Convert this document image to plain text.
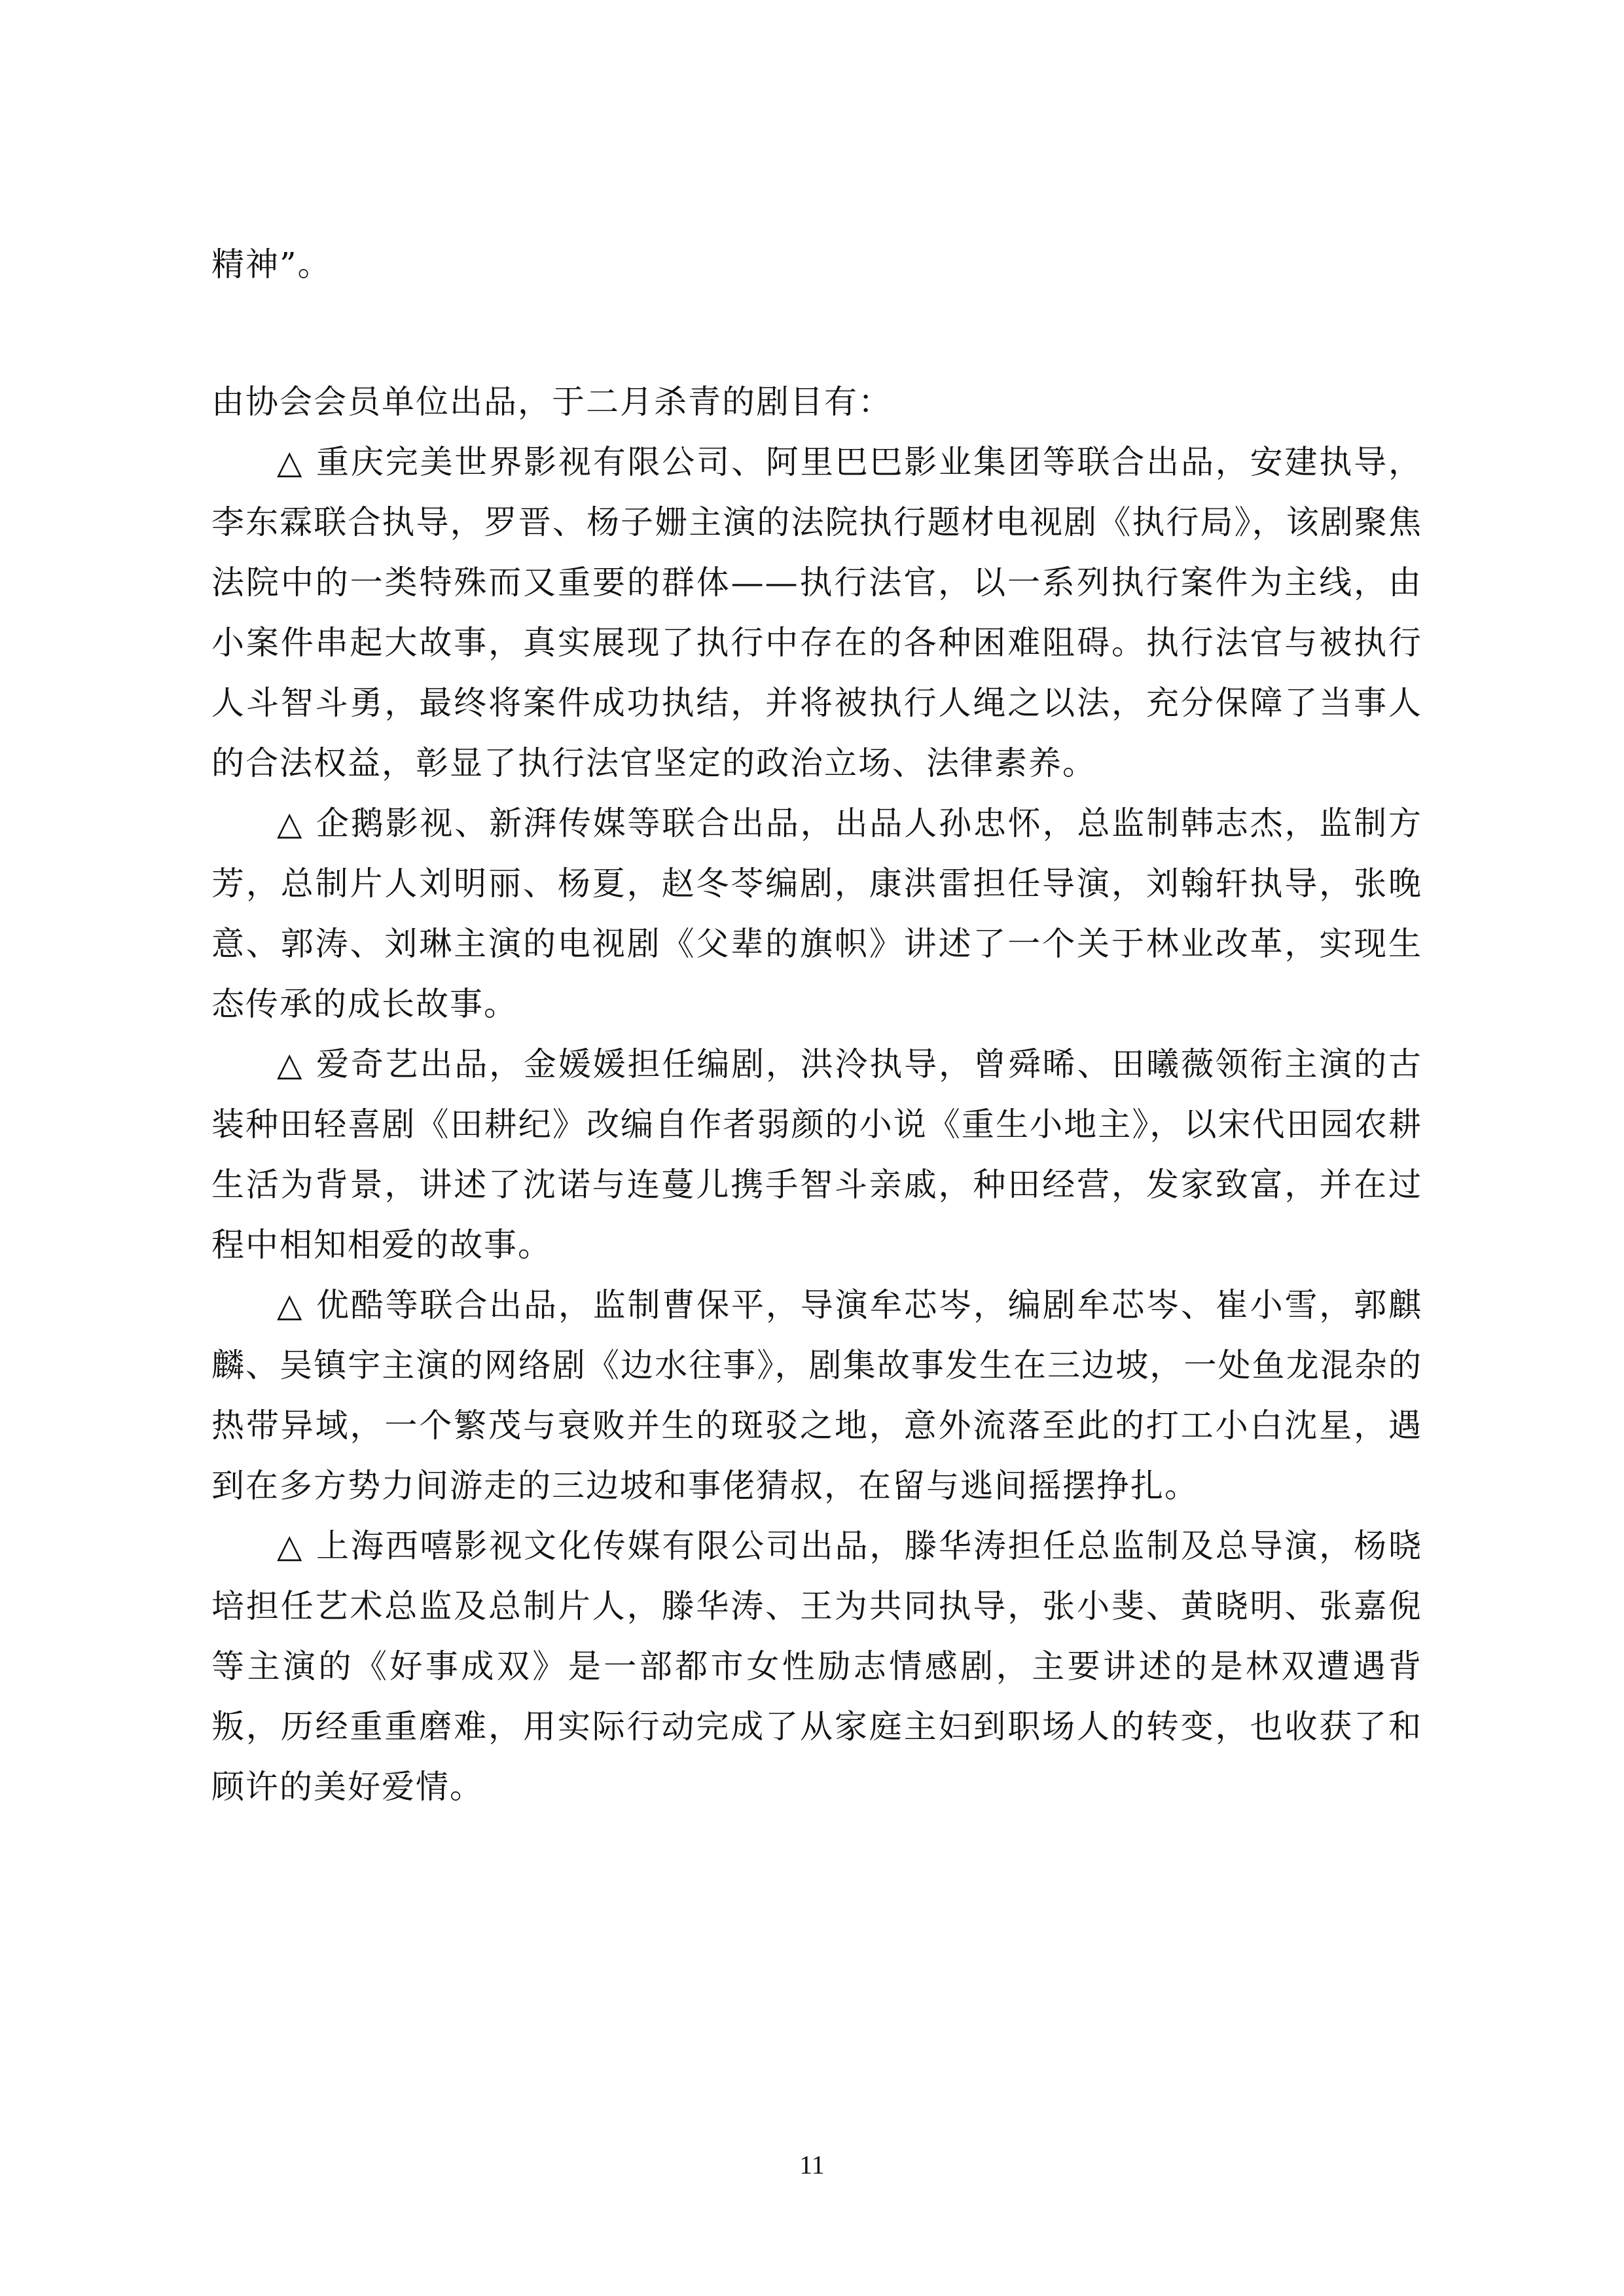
精神”。

由协会会员单位出品，于二月杀青的剧目有：

△ 重庆完美世界影视有限公司、阿里巴巴影业集团等联合出品，安建执导，李东霖联合执导，罗晋、杨子姗主演的法院执行题材电视剧《执行局》，该剧聚焦法院中的一类特殊而又重要的群体——执行法官，以一系列执行案件为主线，由小案件串起大故事，真实展现了执行中存在的各种困难阻碍。执行法官与被执行人斗智斗勇，最终将案件成功执结，并将被执行人绳之以法，充分保障了当事人的合法权益，彰显了执行法官坚定的政治立场、法律素养。

△ 企鹅影视、新湃传媒等联合出品，出品人孙忠怀，总监制韩志杰，监制方芳，总制片人刘明丽、杨夏，赵冬苓编剧，康洪雷担任导演，刘翰轩执导，张晚意、郭涛、刘琳主演的电视剧《父辈的旗帜》讲述了一个关于林业改革，实现生态传承的成长故事。

△ 爱奇艺出品，金媛媛担任编剧，洪泠执导，曾舜晞、田曦薇领衔主演的古装种田轻喜剧《田耕纪》改编自作者弱颜的小说《重生小地主》，以宋代田园农耕生活为背景，讲述了沈诺与连蔓儿携手智斗亲戚，种田经营，发家致富，并在过程中相知相爱的故事。

△ 优酷等联合出品，监制曹保平，导演牟芯岑，编剧牟芯岑、崔小雪，郭麒麟、吴镇宇主演的网络剧《边水往事》，剧集故事发生在三边坡，一处鱼龙混杂的热带异域，一个繁茂与衰败并生的斑驳之地，意外流落至此的打工小白沈星，遇到在多方势力间游走的三边坡和事佬猜叔，在留与逃间摇摆挣扎。

△ 上海西嘻影视文化传媒有限公司出品，滕华涛担任总监制及总导演，杨晓培担任艺术总监及总制片人，滕华涛、王为共同执导，张小斐、黄晓明、张嘉倪等主演的《好事成双》是一部都市女性励志情感剧，主要讲述的是林双遭遇背叛，历经重重磨难，用实际行动完成了从家庭主妇到职场人的转变，也收获了和顾许的美好爱情。

11
